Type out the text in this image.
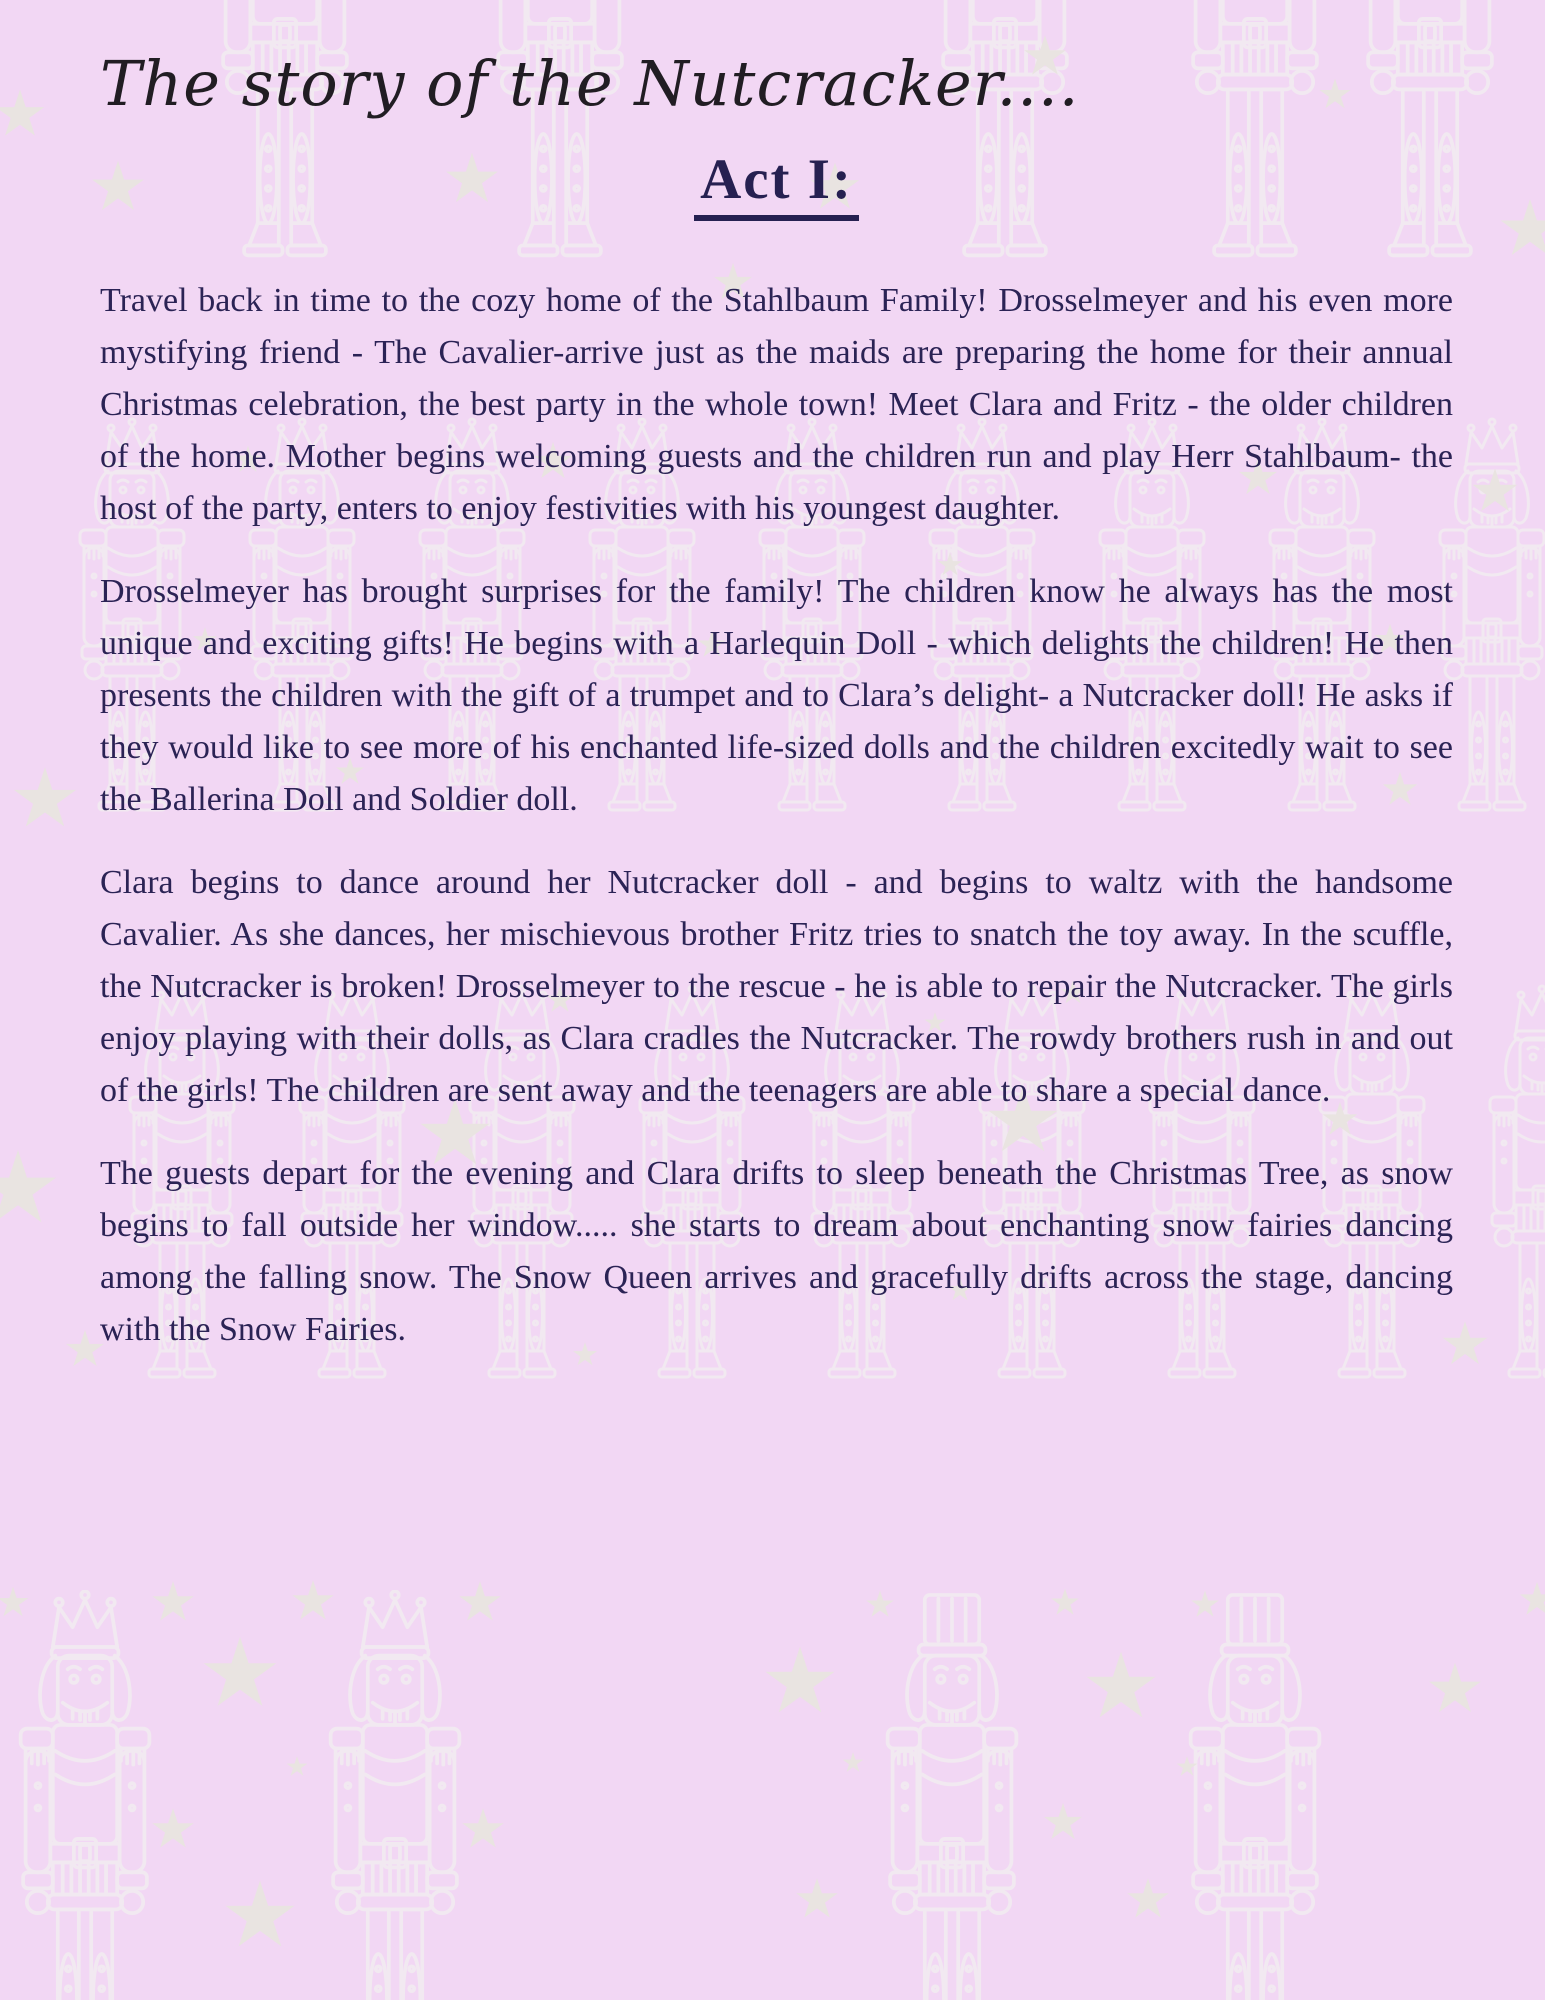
The story of the Nutcracker....
Act I:

Travel back in time to the cozy home of the Stahlbaum Family! Drosselmeyer and his even more mystifying friend - The Cavalier-arrive just as the maids are preparing the home for their annual Christmas celebration, the best party in the whole town! Meet Clara and Fritz - the older children of the home. Mother begins welcoming guests and the children run and play Herr Stahlbaum- the host of the party, enters to enjoy festivities with his youngest daughter.

Drosselmeyer has brought surprises for the family! The children know he always has the most unique and exciting gifts! He begins with a Harlequin Doll - which delights the children! He then presents the children with the gift of a trumpet and to Clara’s delight- a Nutcracker doll! He asks if they would like to see more of his enchanted life-sized dolls and the children excitedly wait to see the Ballerina Doll and Soldier doll.

Clara begins to dance around her Nutcracker doll - and begins to waltz with the handsome Cavalier. As she dances, her mischievous brother Fritz tries to snatch the toy away. In the scuffle, the Nutcracker is broken! Drosselmeyer to the rescue - he is able to repair the Nutcracker. The girls enjoy playing with their dolls, as Clara cradles the Nutcracker. The rowdy brothers rush in and out of the girls! The children are sent away and the teenagers are able to share a special dance.

The guests depart for the evening and Clara drifts to sleep beneath the Christmas Tree, as snow begins to fall outside her window..... she starts to dream about enchanting snow fairies dancing among the falling snow. The Snow Queen arrives and gracefully drifts across the stage, dancing with the Snow Fairies.
